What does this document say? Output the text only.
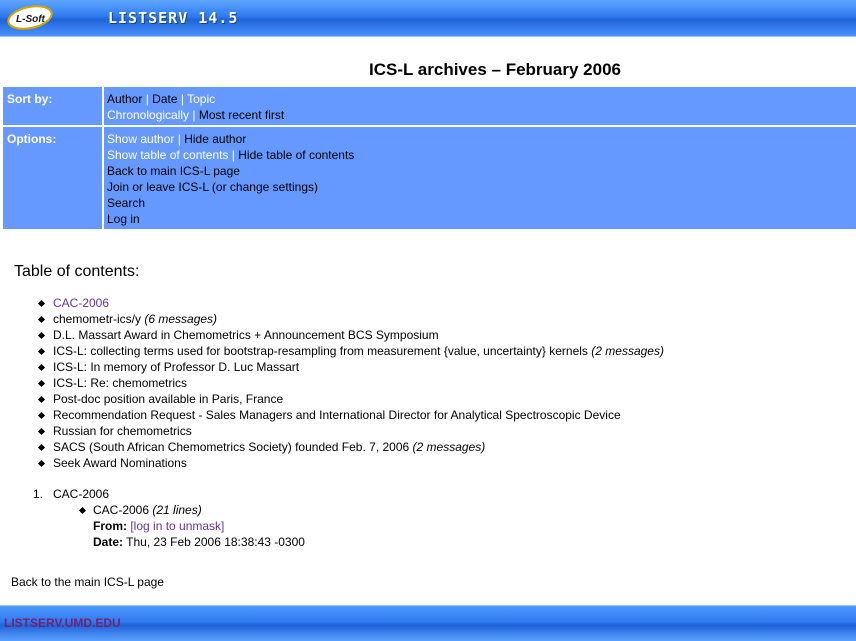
L-Soft	LISTSERV 14.5
ICS-L archives – February 2006
Sort by:	Author | Date | Topic
Chronologically | Most recent first
Options:	Show author | Hide author
Show table of contents | Hide table of contents
Back to main ICS-L page
Join or leave ICS-L (or change settings)
Search
Log in
Table of contents:
CAC-2006
chemometr-ics/y (6 messages)
D.L. Massart Award in Chemometrics + Announcement BCS Symposium
ICS-L: collecting terms used for bootstrap-resampling from measurement {value, uncertainty} kernels (2 messages)
ICS-L: In memory of Professor D. Luc Massart
ICS-L: Re: chemometrics
Post-doc position available in Paris, France
Recommendation Request - Sales Managers and International Director for Analytical Spectroscopic Device
Russian for chemometrics
SACS (South African Chemometrics Society) founded Feb. 7, 2006 (2 messages)
Seek Award Nominations
1. CAC-2006
CAC-2006 (21 lines)
From: [log in to unmask]
Date: Thu, 23 Feb 2006 18:38:43 -0300
Back to the main ICS-L page
LISTSERV.UMD.EDU
